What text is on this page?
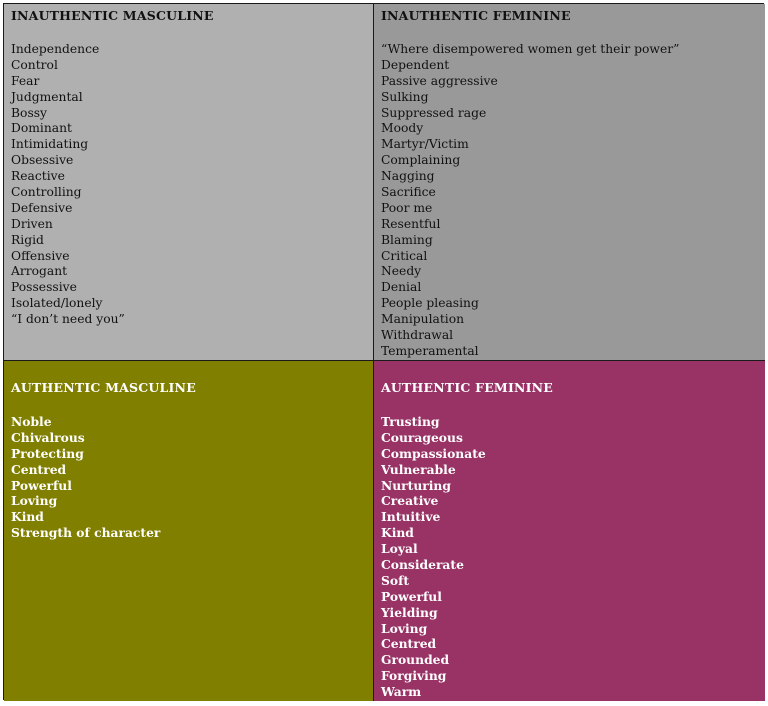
INAUTHENTIC MASCULINE
Independence
Control
Fear
Judgmental
Bossy
Dominant
Intimidating
Obsessive
Reactive
Controlling
Defensive
Driven
Rigid
Offensive
Arrogant
Possessive
Isolated/lonely
“I don’t need you”
INAUTHENTIC FEMININE
“Where disempowered women get their power”
Dependent
Passive aggressive
Sulking
Suppressed rage
Moody
Martyr/Victim
Complaining
Nagging
Sacrifice
Poor me
Resentful
Blaming
Critical
Needy
Denial
People pleasing
Manipulation
Withdrawal
Temperamental
AUTHENTIC MASCULINE
Noble
Chivalrous
Protecting
Centred
Powerful
Loving
Kind
Strength of character
AUTHENTIC FEMININE
Trusting
Courageous
Compassionate
Vulnerable
Nurturing
Creative
Intuitive
Kind
Loyal
Considerate
Soft
Powerful
Yielding
Loving
Centred
Grounded
Forgiving
Warm
